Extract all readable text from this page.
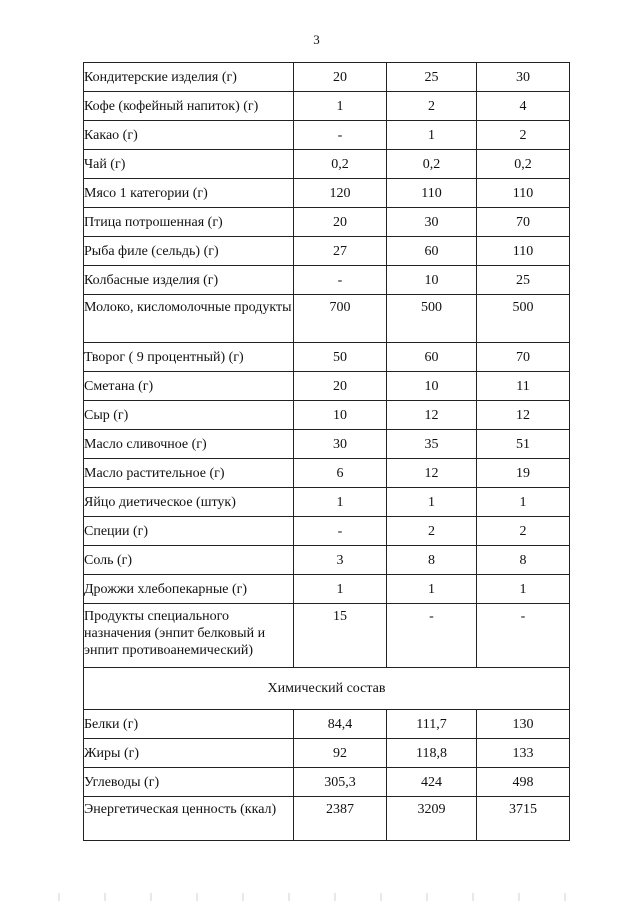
3
Кондитерские изделия (г)	20	25	30
Кофе (кофейный напиток) (г)	1	2	4
Какао (г)	-	1	2
Чай (г)	0,2	0,2	0,2
Мясо 1 категории (г)	120	110	110
Птица потрошенная (г)	20	30	70
Рыба филе (сельдь) (г)	27	60	110
Колбасные изделия (г)	-	10	25
Молоко, кисломолочные продукты	700	500	500
Творог ( 9 процентный) (г)	50	60	70
Сметана (г)	20	10	11
Сыр (г)	10	12	12
Масло сливочное (г)	30	35	51
Масло растительное (г)	6	12	19
Яйцо диетическое (штук)	1	1	1
Специи (г)	-	2	2
Соль (г)	3	8	8
Дрожжи хлебопекарные (г)	1	1	1
Продукты специального назначения (энпит белковый и энпит противоанемический)	15	-	-
Химический состав			
Белки (г)	84,4	111,7	130
Жиры (г)	92	118,8	133
Углеводы (г)	305,3	424	498
Энергетическая ценность (ккал)	2387	3209	3715
